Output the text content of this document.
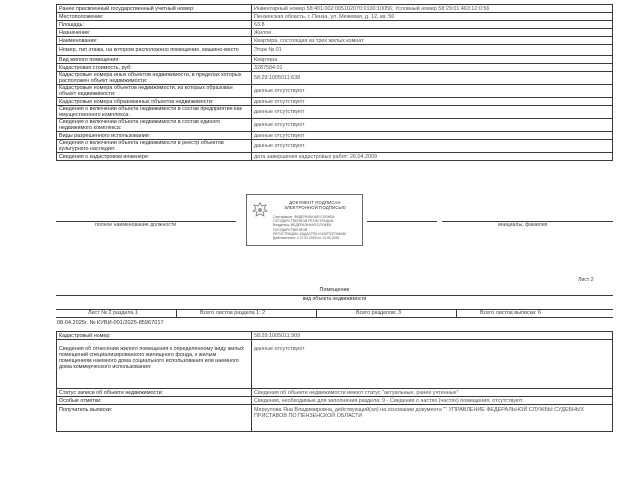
Ранее присвоенный государственный учетный номер:	Инвентарный номер 58:401:002:005102070:0100:10056; Условный номер 58:29:01:463:12:0:56
Местоположение:	Пензенская область, г. Пенза, ул. Межевая, д. 12, кв. 56
Площадь:	63.8
Назначение:	Жилое
Наименование:	Квартира, состоящая из трех жилых комнат
Номер, тип этажа, на котором расположено помещение, машино-место	Этаж № 01
Вид жилого помещения:	Квартира
Кадастровая стоимость, руб:	3287584.01
Кадастровые номера иных объектов недвижимости, в пределах которых расположен объект недвижимости:	58:29:1005011:638
Кадастровые номера объектов недвижимости, из которых образован объект недвижимости:	данные отсутствуют
Кадастровые номера образованных объектов недвижимости:	данные отсутствуют
Сведения о включении объекта недвижимости в состав предприятия как имущественного комплекса:	данные отсутствуют
Сведения о включении объекта недвижимости в состав единого недвижимого комплекса:	данные отсутствуют
Виды разрешенного использования:	данные отсутствуют
Сведения о включении объекта недвижимости в реестр объектов культурного наследия:	данные отсутствуют
Сведения о кадастровом инженере:	дата завершения кадастровых работ: 26.04.2009
полное наименование должности
ДОКУМЕНТ ПОДПИСАН ЭЛЕКТРОННОЙ ПОДПИСЬЮ
Сертификат: ФЕДЕРАЛЬНАЯ СЛУЖБА ГОСУДАРСТВЕННОЙ РЕГИСТРАЦИИ,
Владелец: ФЕДЕРАЛЬНАЯ СЛУЖБА ГОСУДАРСТВЕННОЙ
РЕГИСТРАЦИИ, КАДАСТРА И КАРТОГРАФИИ
Действителен: с 17.02.2025 по 13.05.2026
инициалы, фамилия
Лист 2
Помещение
вид объекта недвижимости
Лист № 2 раздела 1	Всего листов раздела 1: 2	Всего разделов: 3	Всего листов выписки: 6
08.04.2025г. № КУВИ-001/2025-85967017
Кадастровый номер:	58:29:1005011:909
Сведения об отнесении жилого помещения к определенному виду жилых помещений специализированного жилищного фонда, к жилым помещениям наемного дома социального использования или наемного дома коммерческого использования:	данные отсутствуют
Статус записи об объекте недвижимости:	Сведения об объекте недвижимости имеют статус "актуальные, ранее учтенные"
Особые отметки:	Сведения, необходимые для заполнения раздела: 9 - Сведения о частях (частях) помещения, отсутствуют.
Получатель выписки:	Меркулова Яна Владимировна, действующий(ая) на основании документа "" УПРАВЛЕНИЕ ФЕДЕРАЛЬНОЙ СЛУЖБЫ СУДЕБНЫХ ПРИСТАВОВ ПО ПЕНЗЕНСКОЙ ОБЛАСТИ
